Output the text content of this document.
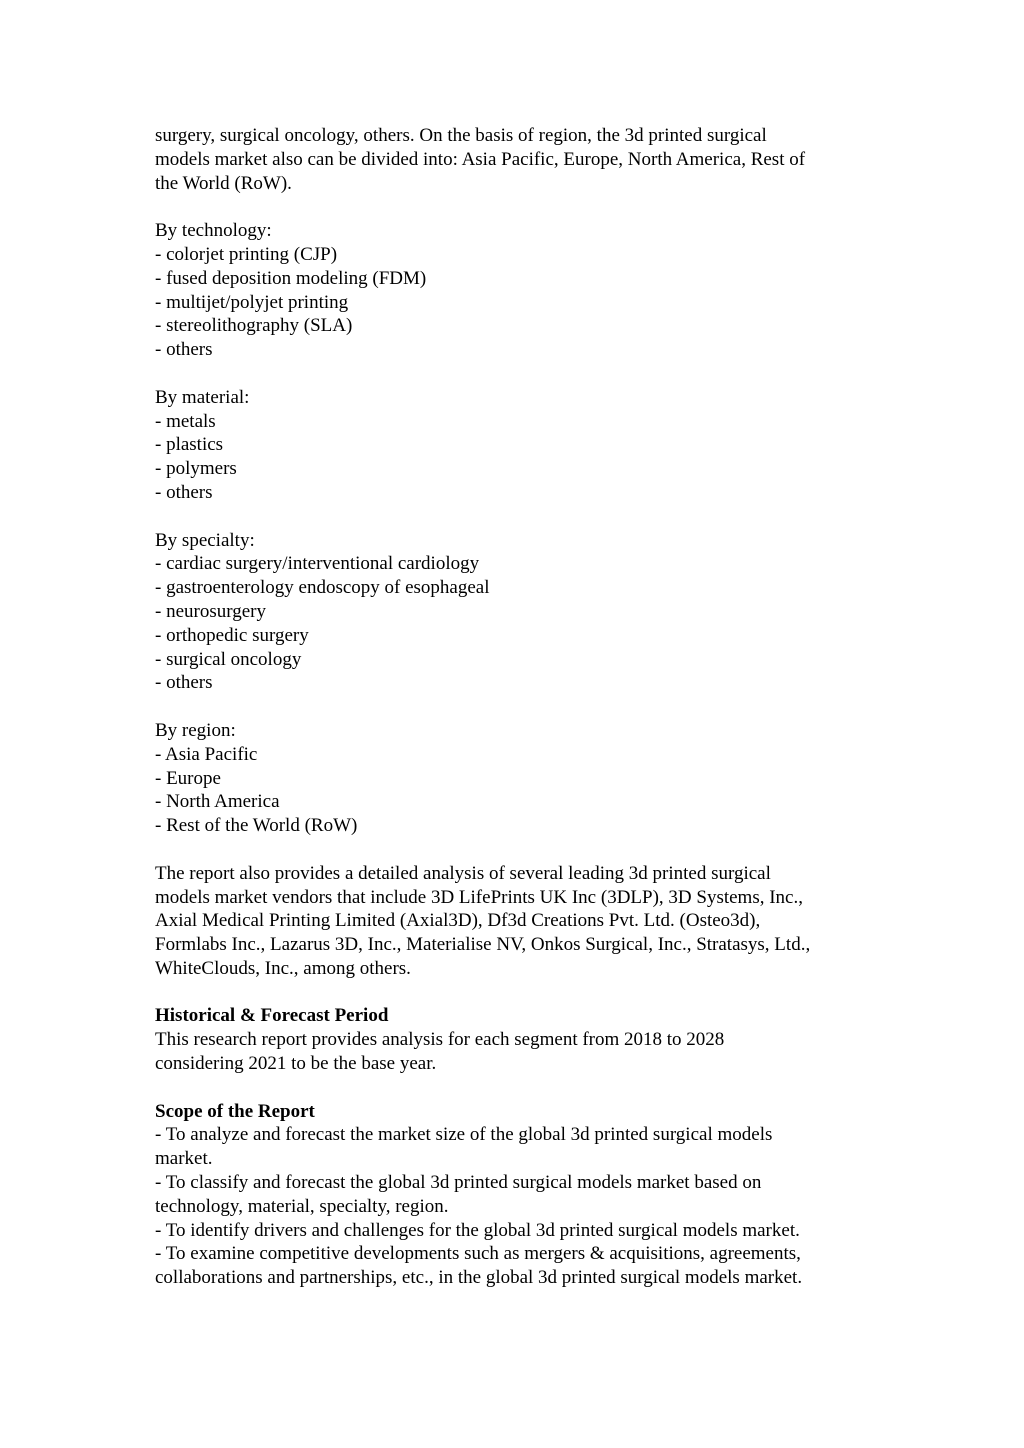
surgery, surgical oncology, others. On the basis of region, the 3d printed surgical
models market also can be divided into: Asia Pacific, Europe, North America, Rest of
the World (RoW).
By technology:
- colorjet printing (CJP)
- fused deposition modeling (FDM)
- multijet/polyjet printing
- stereolithography (SLA)
- others
By material:
- metals
- plastics
- polymers
- others
By specialty:
- cardiac surgery/interventional cardiology
- gastroenterology endoscopy of esophageal
- neurosurgery
- orthopedic surgery
- surgical oncology
- others
By region:
- Asia Pacific
- Europe
- North America
- Rest of the World (RoW)
The report also provides a detailed analysis of several leading 3d printed surgical
models market vendors that include 3D LifePrints UK Inc (3DLP), 3D Systems, Inc.,
Axial Medical Printing Limited (Axial3D), Df3d Creations Pvt. Ltd. (Osteo3d),
Formlabs Inc., Lazarus 3D, Inc., Materialise NV, Onkos Surgical, Inc., Stratasys, Ltd.,
WhiteClouds, Inc., among others.
Historical & Forecast Period
This research report provides analysis for each segment from 2018 to 2028
considering 2021 to be the base year.
Scope of the Report
- To analyze and forecast the market size of the global 3d printed surgical models
market.
- To classify and forecast the global 3d printed surgical models market based on
technology, material, specialty, region.
- To identify drivers and challenges for the global 3d printed surgical models market.
- To examine competitive developments such as mergers & acquisitions, agreements,
collaborations and partnerships, etc., in the global 3d printed surgical models market.
